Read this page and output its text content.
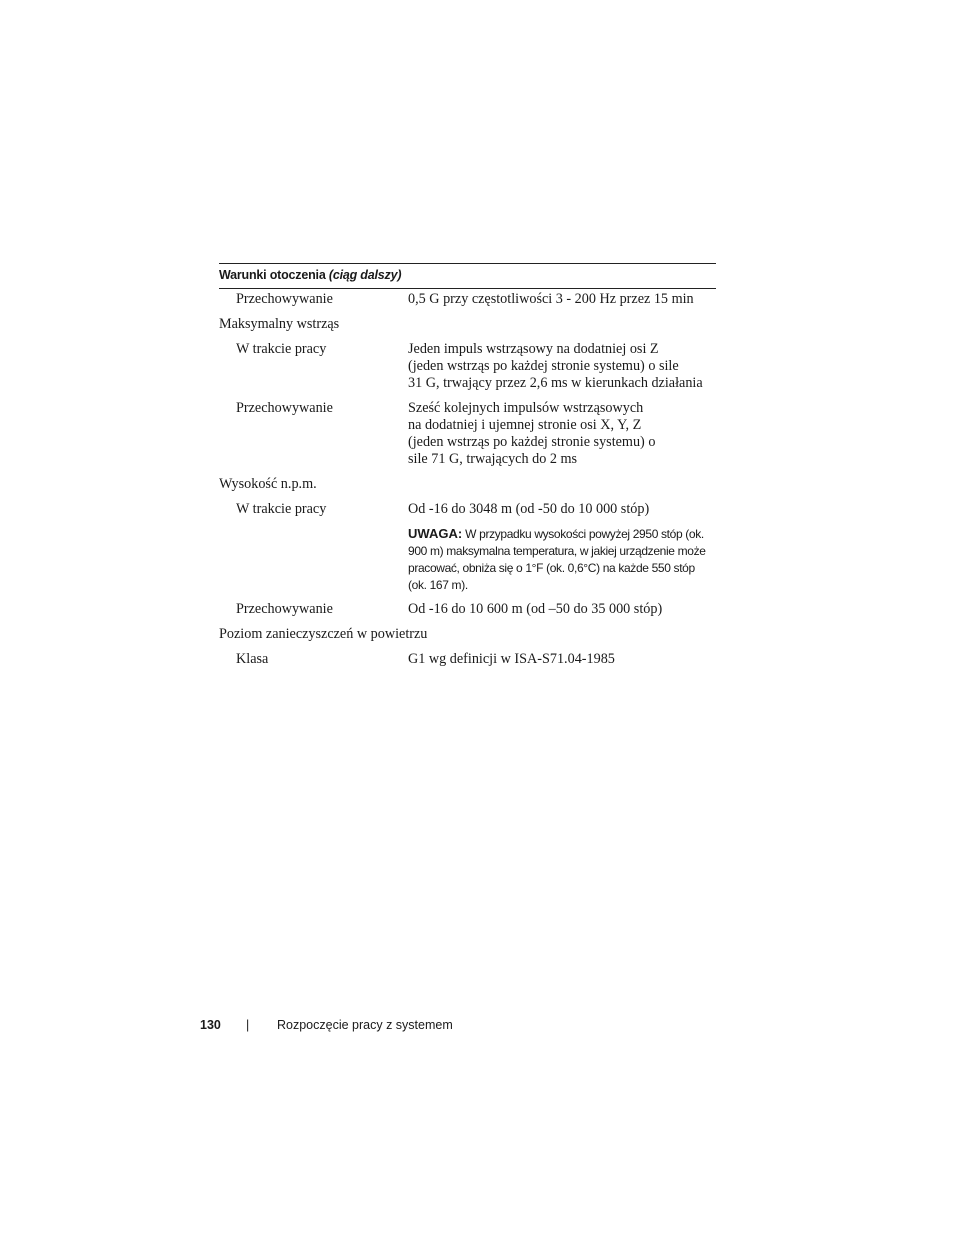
Warunki otoczenia (ciąg dalszy)
Przechowywanie	0,5 G przy częstotliwości 3 - 200 Hz przez 15 min
Maksymalny wstrząs
W trakcie pracy	Jeden impuls wstrząsowy na dodatniej osi Z
(jeden wstrząs po każdej stronie systemu) o sile
31 G, trwający przez 2,6 ms w kierunkach działania
Przechowywanie	Sześć kolejnych impulsów wstrząsowych
na dodatniej i ujemnej stronie osi X, Y, Z
(jeden wstrząs po każdej stronie systemu) o
sile 71 G, trwających do 2 ms
Wysokość n.p.m.
W trakcie pracy	Od -16 do 3048 m (od -50 do 10 000 stóp)
UWAGA: W przypadku wysokości powyżej 2950 stóp (ok.
900 m) maksymalna temperatura, w jakiej urządzenie może
pracować, obniża się o 1°F (ok. 0,6°C) na każde 550 stóp
(ok. 167 m).
Przechowywanie	Od -16 do 10 600 m (od –50 do 35 000 stóp)
Poziom zanieczyszczeń w powietrzu
Klasa	G1 wg definicji w ISA-S71.04-1985
130 | Rozpoczęcie pracy z systemem
